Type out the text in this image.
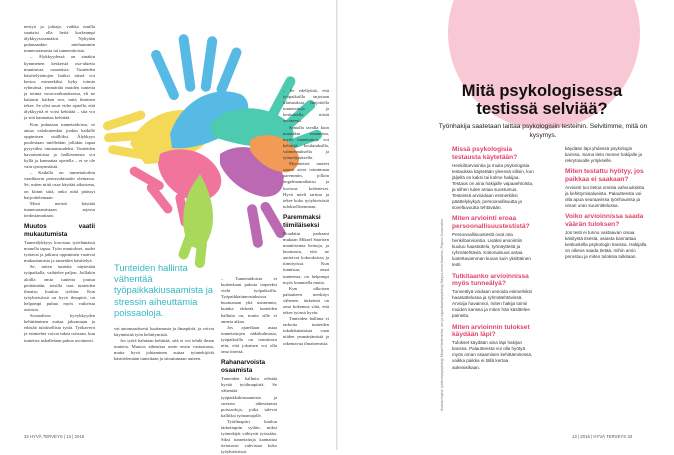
nestyä ja johtaja, vaikka muilla saattaisi olla heitä korkeampi älykkyysosamäärä. Nykyään puhutaankin mieluummin tunneosaamista tai tunnetaitoista.

– Älykkyydessä on ainakin kymmenen keskeistä osa-aluetta muuttuvaa osaamista. Tunteiden käsittelytaitojen lisäksi niistä voi kertoa esimerkiksi kyky toimia ryhmässä, ymmärtää muiden tunteita ja toimia vuorovaikutuksessa, eli ne kattavat kaiken sen, mitä ihminen tekee. Se olisi suuri virhe ajatella, että älykkyyttä ei voisi kehittää – sitä voi ja sitä kannattaa kehittää.

Kun puhutaan tunnetaidoista, se antaa valokuitenkin jonkin kaikille oppimisen sisällöksi. Älykkyys puolestaan mielletään jollakin tapaa pysyväksi ominaisuudeksi. Tunteiden havaitsemista ja hallitsemista voi kyllä ja kannattaa opetella – ei se ole vain synnynnäistä.

– Kaikilla on tunnetaitoihin vaadittavat perusvalmiudet olemassa. Se, miten niitä osaa käyttää aikuisena, on kiinni siitä, onko niitä päässyt harjoittelemaan.

Moni meistä käyttää tunneosaamistaan arjessa tiedostamattaan.

Muutos vaatii mukautumista

Tunneälykkyys korostuu työelämässä monella tapaa. Työn muutokset, uudet työtavat ja jatkuva oppiminen vaativat mukautumista ja tunteiden käsittelyä.

Se, miten tunteita näytetään työpaikalla, vaihtelee paljon. Joillakin aloilla omia tunteita joutuu peittämään, toisilla taas tunteiden ilmaisu kuuluu työhön. Kun työyhteisössä on hyvä ilmapiiri, on helpompi puhua myös vaikeista asioista.

Sosiaalisen kyvykkyyden kehittäminen auttaa jaksamaan ja edistää tuloksellista työtä. Työkaverit ja esimiehet voivat tukea toisiaan, kun tunteista uskalletaan puhua avoimesti.

Tunteiden hallinta vähentää työpaikkakiusaamista ja stressin aiheuttamia poissaoloja.

vat automaattisesti luottamusta ja ilmapiiriä, ja voivat käynnistää työn kehittymistä.

Jos työtä halutaan kehittää, sitä ei voi tehdä ilman tunteita. Muutos aiheuttaa usein ensin vastustusta, mutta hyvä johtaminen auttaa työntekijöitä käsittelemään tunteitaan ja sitoutumaan uuteen.

– Tunnetaidoista ei kuitenkaan puhuta tarpeeksi vielä työpaikoilla. Työpaikkaiinnostuksissa huomataan yhä useammin, kuinka tärkeää tunteiden hallinta on, mutta sille ei anneta aikaa.

Jos ajatellaan asiaa tunnetaitojen näkökulmasta, työpaikoilla on toimittava niin, että jokainen voi olla oma itsensä.

Rahanarvoista osaamista

Tunteiden hallinta edistää hyvää työilmapiiriä. Se vähentää työpaikkakiusaamista ja stressin aiheuttamia poissaoloja, jotka tulevat kalliiksi työnantajalle.

Työilmapiiri kuuluu tärkeimpiin syihin, miksi työntekijät viihtyvät työssään. Siksi tunnetaitoja kannattaa tietoisesti vahvistaa koko työyhteisössä.

– Se edellyttää, että työpaikoilla tarjotaan tilaisuuksia harjoitella tunnetaitoja ja keskustella niistä avoimesti.

Samalla tavalla kuin muutakin osaamista, myös tunnetaitoja voi kehittää koulutuksilla, valmennuksella ja työnohjauksella.

Myönteiset tunteet saavat aivot toimimaan paremmin, jolloin ongelmanratkaisu ja luovuus kohenevat. Hyvä mieli tarttuu ja tekee koko työyhteisöstä tuloksellisemman.

Paremmaksi tiimiläiseksi

Noudatin parhaani mukaan Mikael Saarisen mainitsemia keinoja, ja huomasin, että ne auttoivat kokouksissa ja tiimityössä. Kun tunnistaa omat tunteensa, on helpompi myös kuunnella muita.

Kun ulkoisen palautteen merkitys vähenee, tärkeintä on oma kokemus siitä, että tekee työnsä hyvin.

Tunteiden hallinta ei tarkoita tunteiden tukahduttamista vaan niiden ymmärtämistä ja rakentavaa ilmaisemista.

32 HYVÄ TERVEYS | 13 | 2016
Mitä psykologisessa testissä selviää?

Työnhakija saatetaan laittaa psykologisiin testeihin. Selvitimme, mitä on kysymys.

Asiantuntijana: työterveyspsykologi Mikael Nederström, sen ja organisaatiopsykologi Marja-Leena Haavisto, Psycon Corporation
Missä psykologisia testausta käytetään?

Henkilöarviointia ja muita psykologisia testauksia käytetään yleensä silloin, kun jäljellä on kaksi tai kolme hakijaa. Testaus on aina hakijalle vapaaehtoista, ja siihen tulee antaa suostumus. Testeissä arvioidaan esimerkiksi päättelykykyä, persoonallisuutta ja soveltuvuutta tehtävään.

Miten arviointi eroaa persoonallisuustestistä?

Persoonallisuustestit ovat osa henkilöarviointia. Lisäksi arviointiin kuuluu haastattelu, työnäytteitä ja ryhmätehtäviä. Kokonaisuus antaa luotettavamman kuvan kuin yksittäinen testi.

Tutkitaanko arvioinnissa myös tunneälyä?

Tunneälyä voidaan arvioida esimerkiksi haastattelussa ja ryhmätehtävissä. Arvioija havainnoi, miten hakija toimii muiden kanssa ja miten hän käsittelee paineita.

Miten arvioinnin tulokset käydään läpi?

Tulokset käydään aina läpi hakijan kanssa. Palautteesta voi olla hyötyä myös oman osaamisen kehittämisessä, vaikka paikka ei tällä kertaa aukeaisikaan.

käydään läpi yhdessä psykologin kanssa. Sama tieto menee hakijalle ja rekrytoivalle yritykselle.

Miten testattu hyötyy, jos paikkaa ei saakaan?

Arviointi tuo tietoa omista vahvuuksista ja kehittymisalueista. Palautteesta voi olla apua seuraavissa työnhauissa ja oman uran suunnittelussa.

Voiko arvioinnissa saada väärän tuloksen?

Jos testi ei tunnu vastaavan omaa käsitystä itsestä, asiasta kannattaa keskustella psykologin kanssa. Hakijalla on oikeus saada tietää, mihin arvio perustuu ja miten tuloksia tulkitaan.

13 | 2016 | HYVÄ TERVEYS 33
